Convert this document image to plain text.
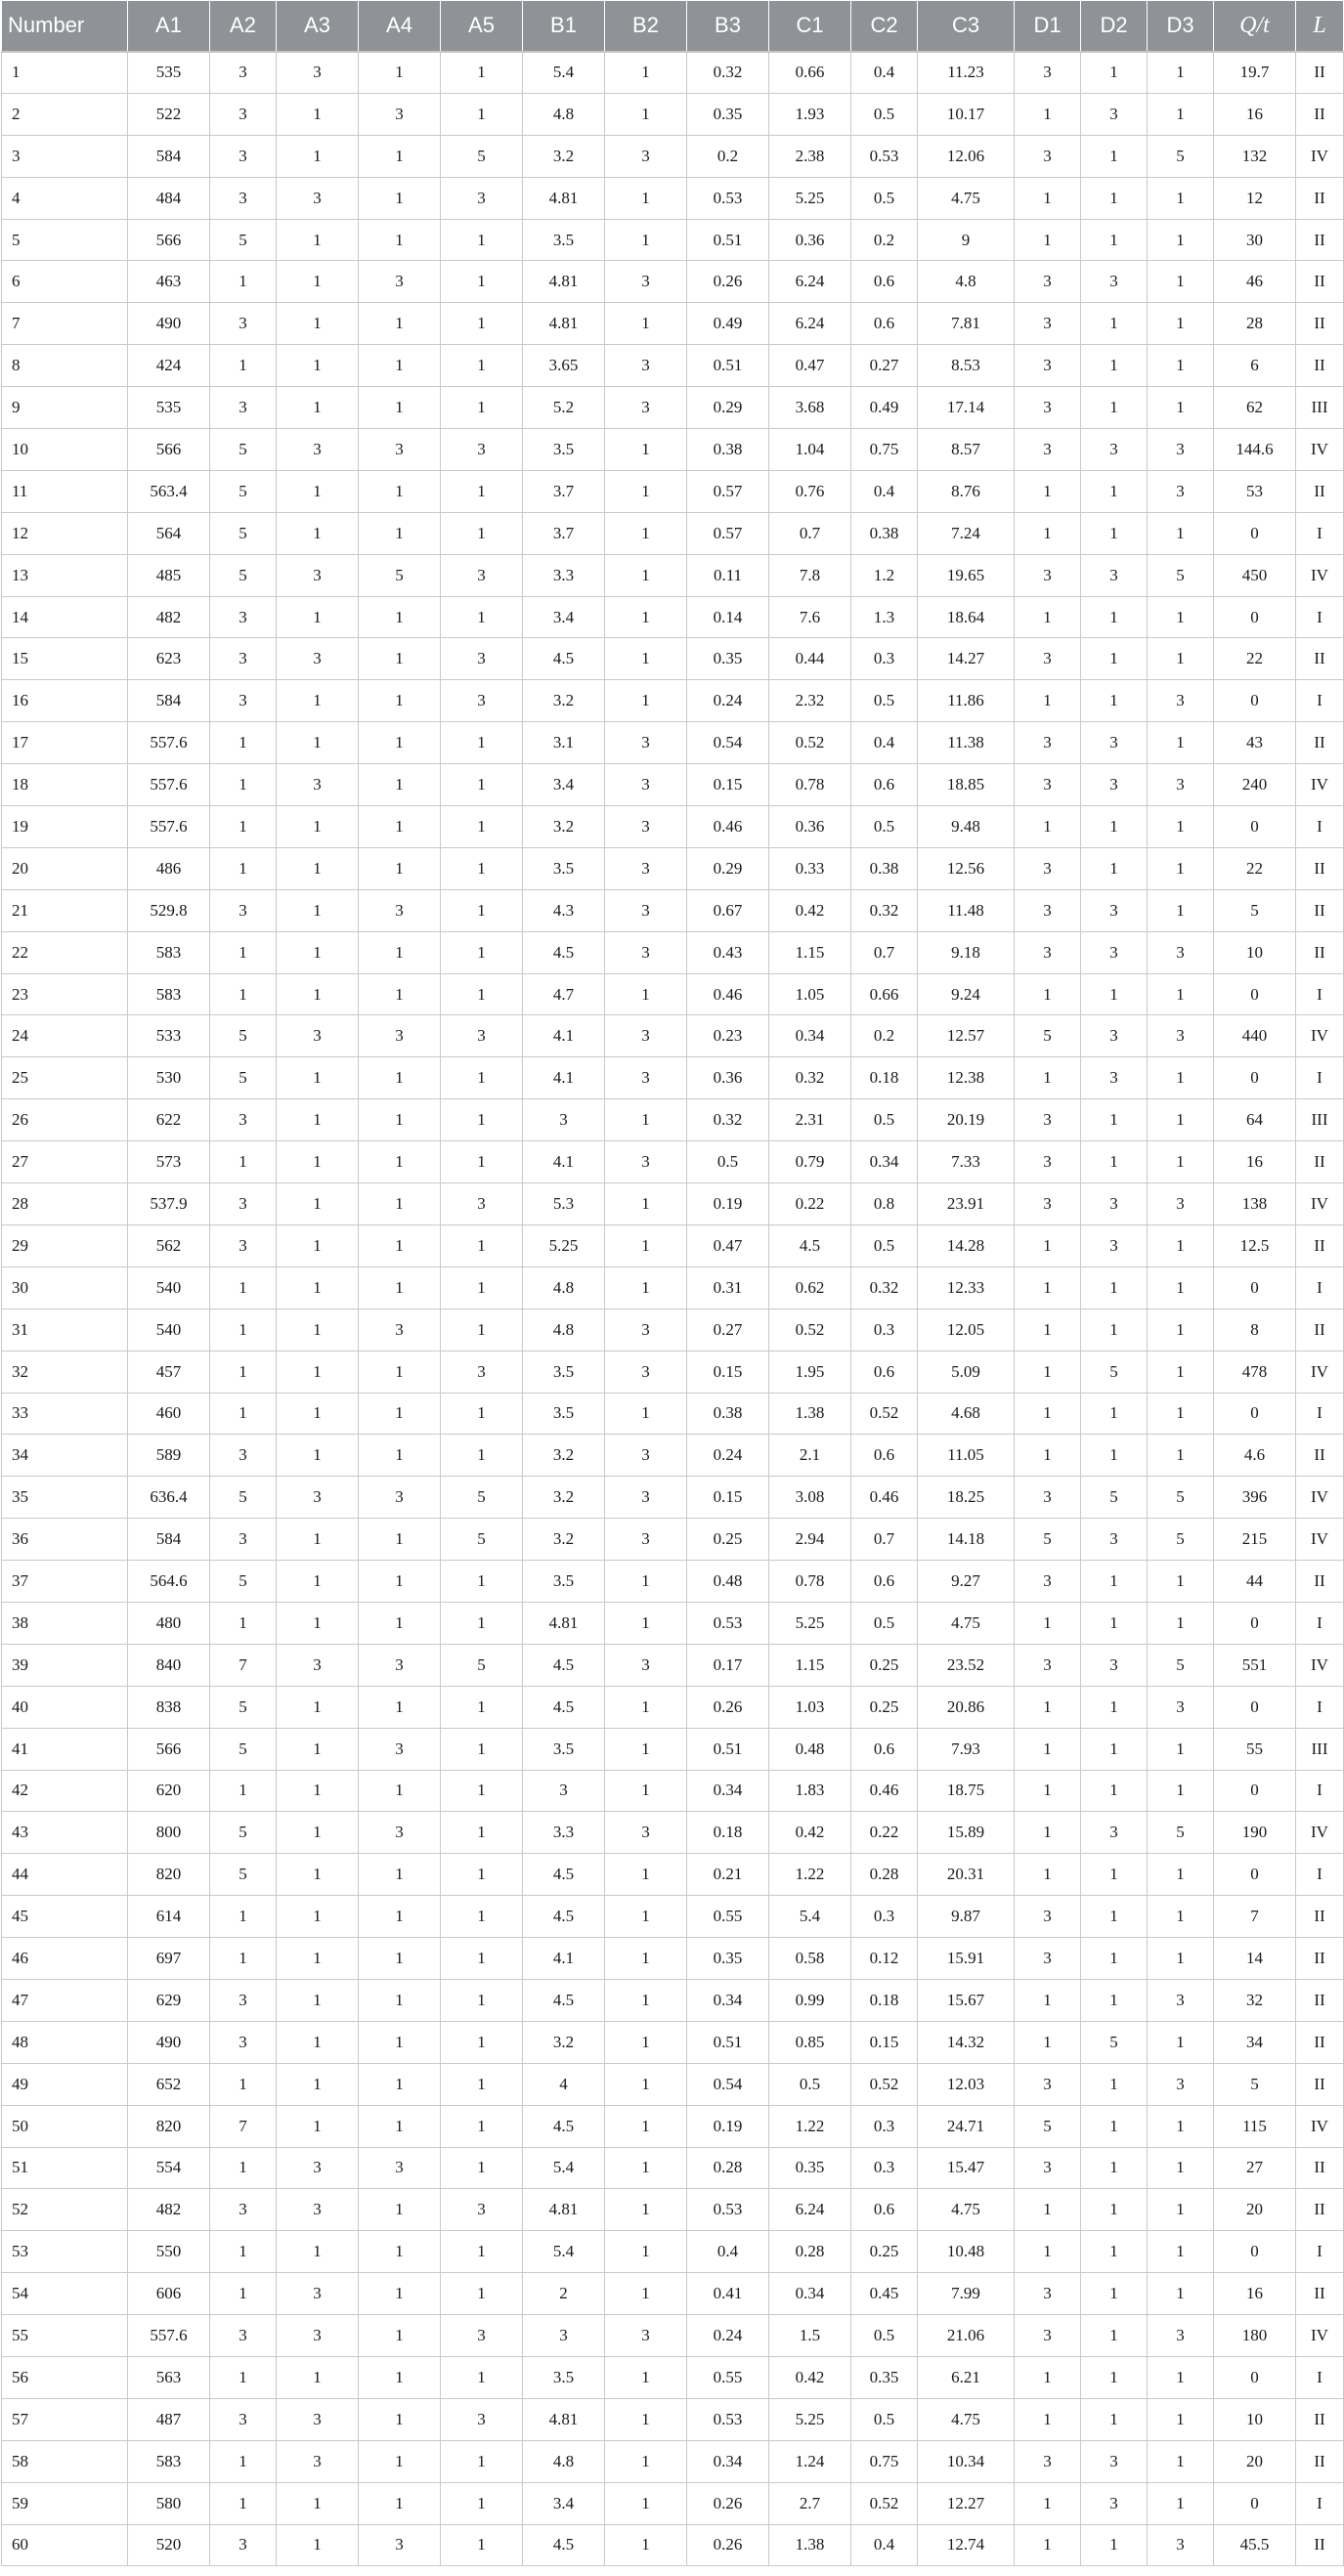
Number	A1	A2	A3	A4	A5	B1	B2	B3	C1	C2	C3	D1	D2	D3	Q/t	L
1	535	3	3	1	1	5.4	1	0.32	0.66	0.4	11.23	3	1	1	19.7	II
2	522	3	1	3	1	4.8	1	0.35	1.93	0.5	10.17	1	3	1	16	II
3	584	3	1	1	5	3.2	3	0.2	2.38	0.53	12.06	3	1	5	132	IV
4	484	3	3	1	3	4.81	1	0.53	5.25	0.5	4.75	1	1	1	12	II
5	566	5	1	1	1	3.5	1	0.51	0.36	0.2	9	1	1	1	30	II
6	463	1	1	3	1	4.81	3	0.26	6.24	0.6	4.8	3	3	1	46	II
7	490	3	1	1	1	4.81	1	0.49	6.24	0.6	7.81	3	1	1	28	II
8	424	1	1	1	1	3.65	3	0.51	0.47	0.27	8.53	3	1	1	6	II
9	535	3	1	1	1	5.2	3	0.29	3.68	0.49	17.14	3	1	1	62	III
10	566	5	3	3	3	3.5	1	0.38	1.04	0.75	8.57	3	3	3	144.6	IV
11	563.4	5	1	1	1	3.7	1	0.57	0.76	0.4	8.76	1	1	3	53	II
12	564	5	1	1	1	3.7	1	0.57	0.7	0.38	7.24	1	1	1	0	I
13	485	5	3	5	3	3.3	1	0.11	7.8	1.2	19.65	3	3	5	450	IV
14	482	3	1	1	1	3.4	1	0.14	7.6	1.3	18.64	1	1	1	0	I
15	623	3	3	1	3	4.5	1	0.35	0.44	0.3	14.27	3	1	1	22	II
16	584	3	1	1	3	3.2	1	0.24	2.32	0.5	11.86	1	1	3	0	I
17	557.6	1	1	1	1	3.1	3	0.54	0.52	0.4	11.38	3	3	1	43	II
18	557.6	1	3	1	1	3.4	3	0.15	0.78	0.6	18.85	3	3	3	240	IV
19	557.6	1	1	1	1	3.2	3	0.46	0.36	0.5	9.48	1	1	1	0	I
20	486	1	1	1	1	3.5	3	0.29	0.33	0.38	12.56	3	1	1	22	II
21	529.8	3	1	3	1	4.3	3	0.67	0.42	0.32	11.48	3	3	1	5	II
22	583	1	1	1	1	4.5	3	0.43	1.15	0.7	9.18	3	3	3	10	II
23	583	1	1	1	1	4.7	1	0.46	1.05	0.66	9.24	1	1	1	0	I
24	533	5	3	3	3	4.1	3	0.23	0.34	0.2	12.57	5	3	3	440	IV
25	530	5	1	1	1	4.1	3	0.36	0.32	0.18	12.38	1	3	1	0	I
26	622	3	1	1	1	3	1	0.32	2.31	0.5	20.19	3	1	1	64	III
27	573	1	1	1	1	4.1	3	0.5	0.79	0.34	7.33	3	1	1	16	II
28	537.9	3	1	1	3	5.3	1	0.19	0.22	0.8	23.91	3	3	3	138	IV
29	562	3	1	1	1	5.25	1	0.47	4.5	0.5	14.28	1	3	1	12.5	II
30	540	1	1	1	1	4.8	1	0.31	0.62	0.32	12.33	1	1	1	0	I
31	540	1	1	3	1	4.8	3	0.27	0.52	0.3	12.05	1	1	1	8	II
32	457	1	1	1	3	3.5	3	0.15	1.95	0.6	5.09	1	5	1	478	IV
33	460	1	1	1	1	3.5	1	0.38	1.38	0.52	4.68	1	1	1	0	I
34	589	3	1	1	1	3.2	3	0.24	2.1	0.6	11.05	1	1	1	4.6	II
35	636.4	5	3	3	5	3.2	3	0.15	3.08	0.46	18.25	3	5	5	396	IV
36	584	3	1	1	5	3.2	3	0.25	2.94	0.7	14.18	5	3	5	215	IV
37	564.6	5	1	1	1	3.5	1	0.48	0.78	0.6	9.27	3	1	1	44	II
38	480	1	1	1	1	4.81	1	0.53	5.25	0.5	4.75	1	1	1	0	I
39	840	7	3	3	5	4.5	3	0.17	1.15	0.25	23.52	3	3	5	551	IV
40	838	5	1	1	1	4.5	1	0.26	1.03	0.25	20.86	1	1	3	0	I
41	566	5	1	3	1	3.5	1	0.51	0.48	0.6	7.93	1	1	1	55	III
42	620	1	1	1	1	3	1	0.34	1.83	0.46	18.75	1	1	1	0	I
43	800	5	1	3	1	3.3	3	0.18	0.42	0.22	15.89	1	3	5	190	IV
44	820	5	1	1	1	4.5	1	0.21	1.22	0.28	20.31	1	1	1	0	I
45	614	1	1	1	1	4.5	1	0.55	5.4	0.3	9.87	3	1	1	7	II
46	697	1	1	1	1	4.1	1	0.35	0.58	0.12	15.91	3	1	1	14	II
47	629	3	1	1	1	4.5	1	0.34	0.99	0.18	15.67	1	1	3	32	II
48	490	3	1	1	1	3.2	1	0.51	0.85	0.15	14.32	1	5	1	34	II
49	652	1	1	1	1	4	1	0.54	0.5	0.52	12.03	3	1	3	5	II
50	820	7	1	1	1	4.5	1	0.19	1.22	0.3	24.71	5	1	1	115	IV
51	554	1	3	3	1	5.4	1	0.28	0.35	0.3	15.47	3	1	1	27	II
52	482	3	3	1	3	4.81	1	0.53	6.24	0.6	4.75	1	1	1	20	II
53	550	1	1	1	1	5.4	1	0.4	0.28	0.25	10.48	1	1	1	0	I
54	606	1	3	1	1	2	1	0.41	0.34	0.45	7.99	3	1	1	16	II
55	557.6	3	3	1	3	3	3	0.24	1.5	0.5	21.06	3	1	3	180	IV
56	563	1	1	1	1	3.5	1	0.55	0.42	0.35	6.21	1	1	1	0	I
57	487	3	3	1	3	4.81	1	0.53	5.25	0.5	4.75	1	1	1	10	II
58	583	1	3	1	1	4.8	1	0.34	1.24	0.75	10.34	3	3	1	20	II
59	580	1	1	1	1	3.4	1	0.26	2.7	0.52	12.27	1	3	1	0	I
60	520	3	1	3	1	4.5	1	0.26	1.38	0.4	12.74	1	1	3	45.5	II
